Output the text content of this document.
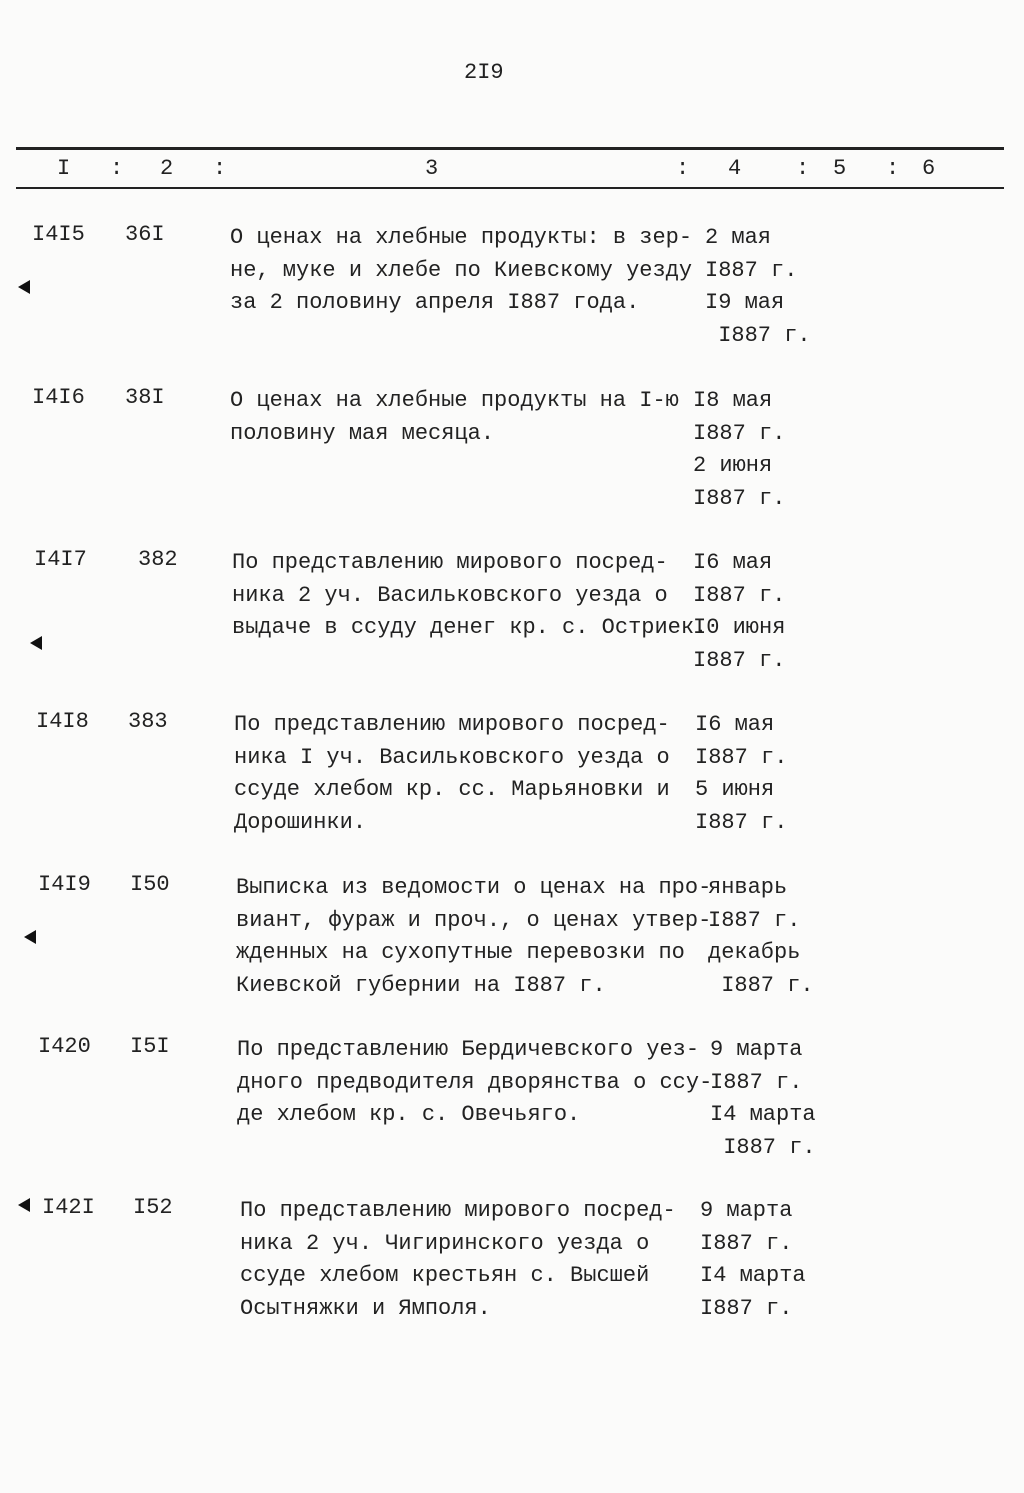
2I9
I : 2 :	3	: 4 : 5 : 6
I4I5 36I	О ценах на хлебные продукты: в зер-
не, муке и хлебе по Киевскому уезду
за 2 половину апреля I887 года.
2 мая
I887 г.
I9 мая
I887 г.
I4I6 38I	О ценах на хлебные продукты на I-ю
половину мая месяца.
I8 мая
I887 г.
2 июня
I887 г.
I4I7 382 По представлению мирового посред-
ника 2 уч. Васильковского уезда о
выдаче в ссуду денег кр. с. Остриек.
I6 мая
I887 г.
I0 июня
I887 г.
I4I8 383	По представлению мирового посред-
ника I уч. Васильковского уезда о
ссуде хлебом кр. сс. Марьяновки и
Дорошинки.
I6 мая
I887 г.
5 июня
I887 г.
I4I9 I50	Выписка из ведомости о ценах на про-
виант, фураж и проч., о ценах утвер-
жденных на сухопутные перевозки по
Киевской губернии на I887 г.
январь
I887 г.
декабрь
I887 г.
I420 I5I	По представлению Бердичевского уез-
дного предводителя дворянства о ссу-
де хлебом кр. с. Овечьяго.
9 марта
I887 г.
I4 марта
I887 г.
I42I I52	По представлению мирового посред-
ника 2 уч. Чигиринского уезда о
ссуде хлебом крестьян с. Высшей
Осытняжки и Ямполя.
9 марта
I887 г.
I4 марта
I887 г.
